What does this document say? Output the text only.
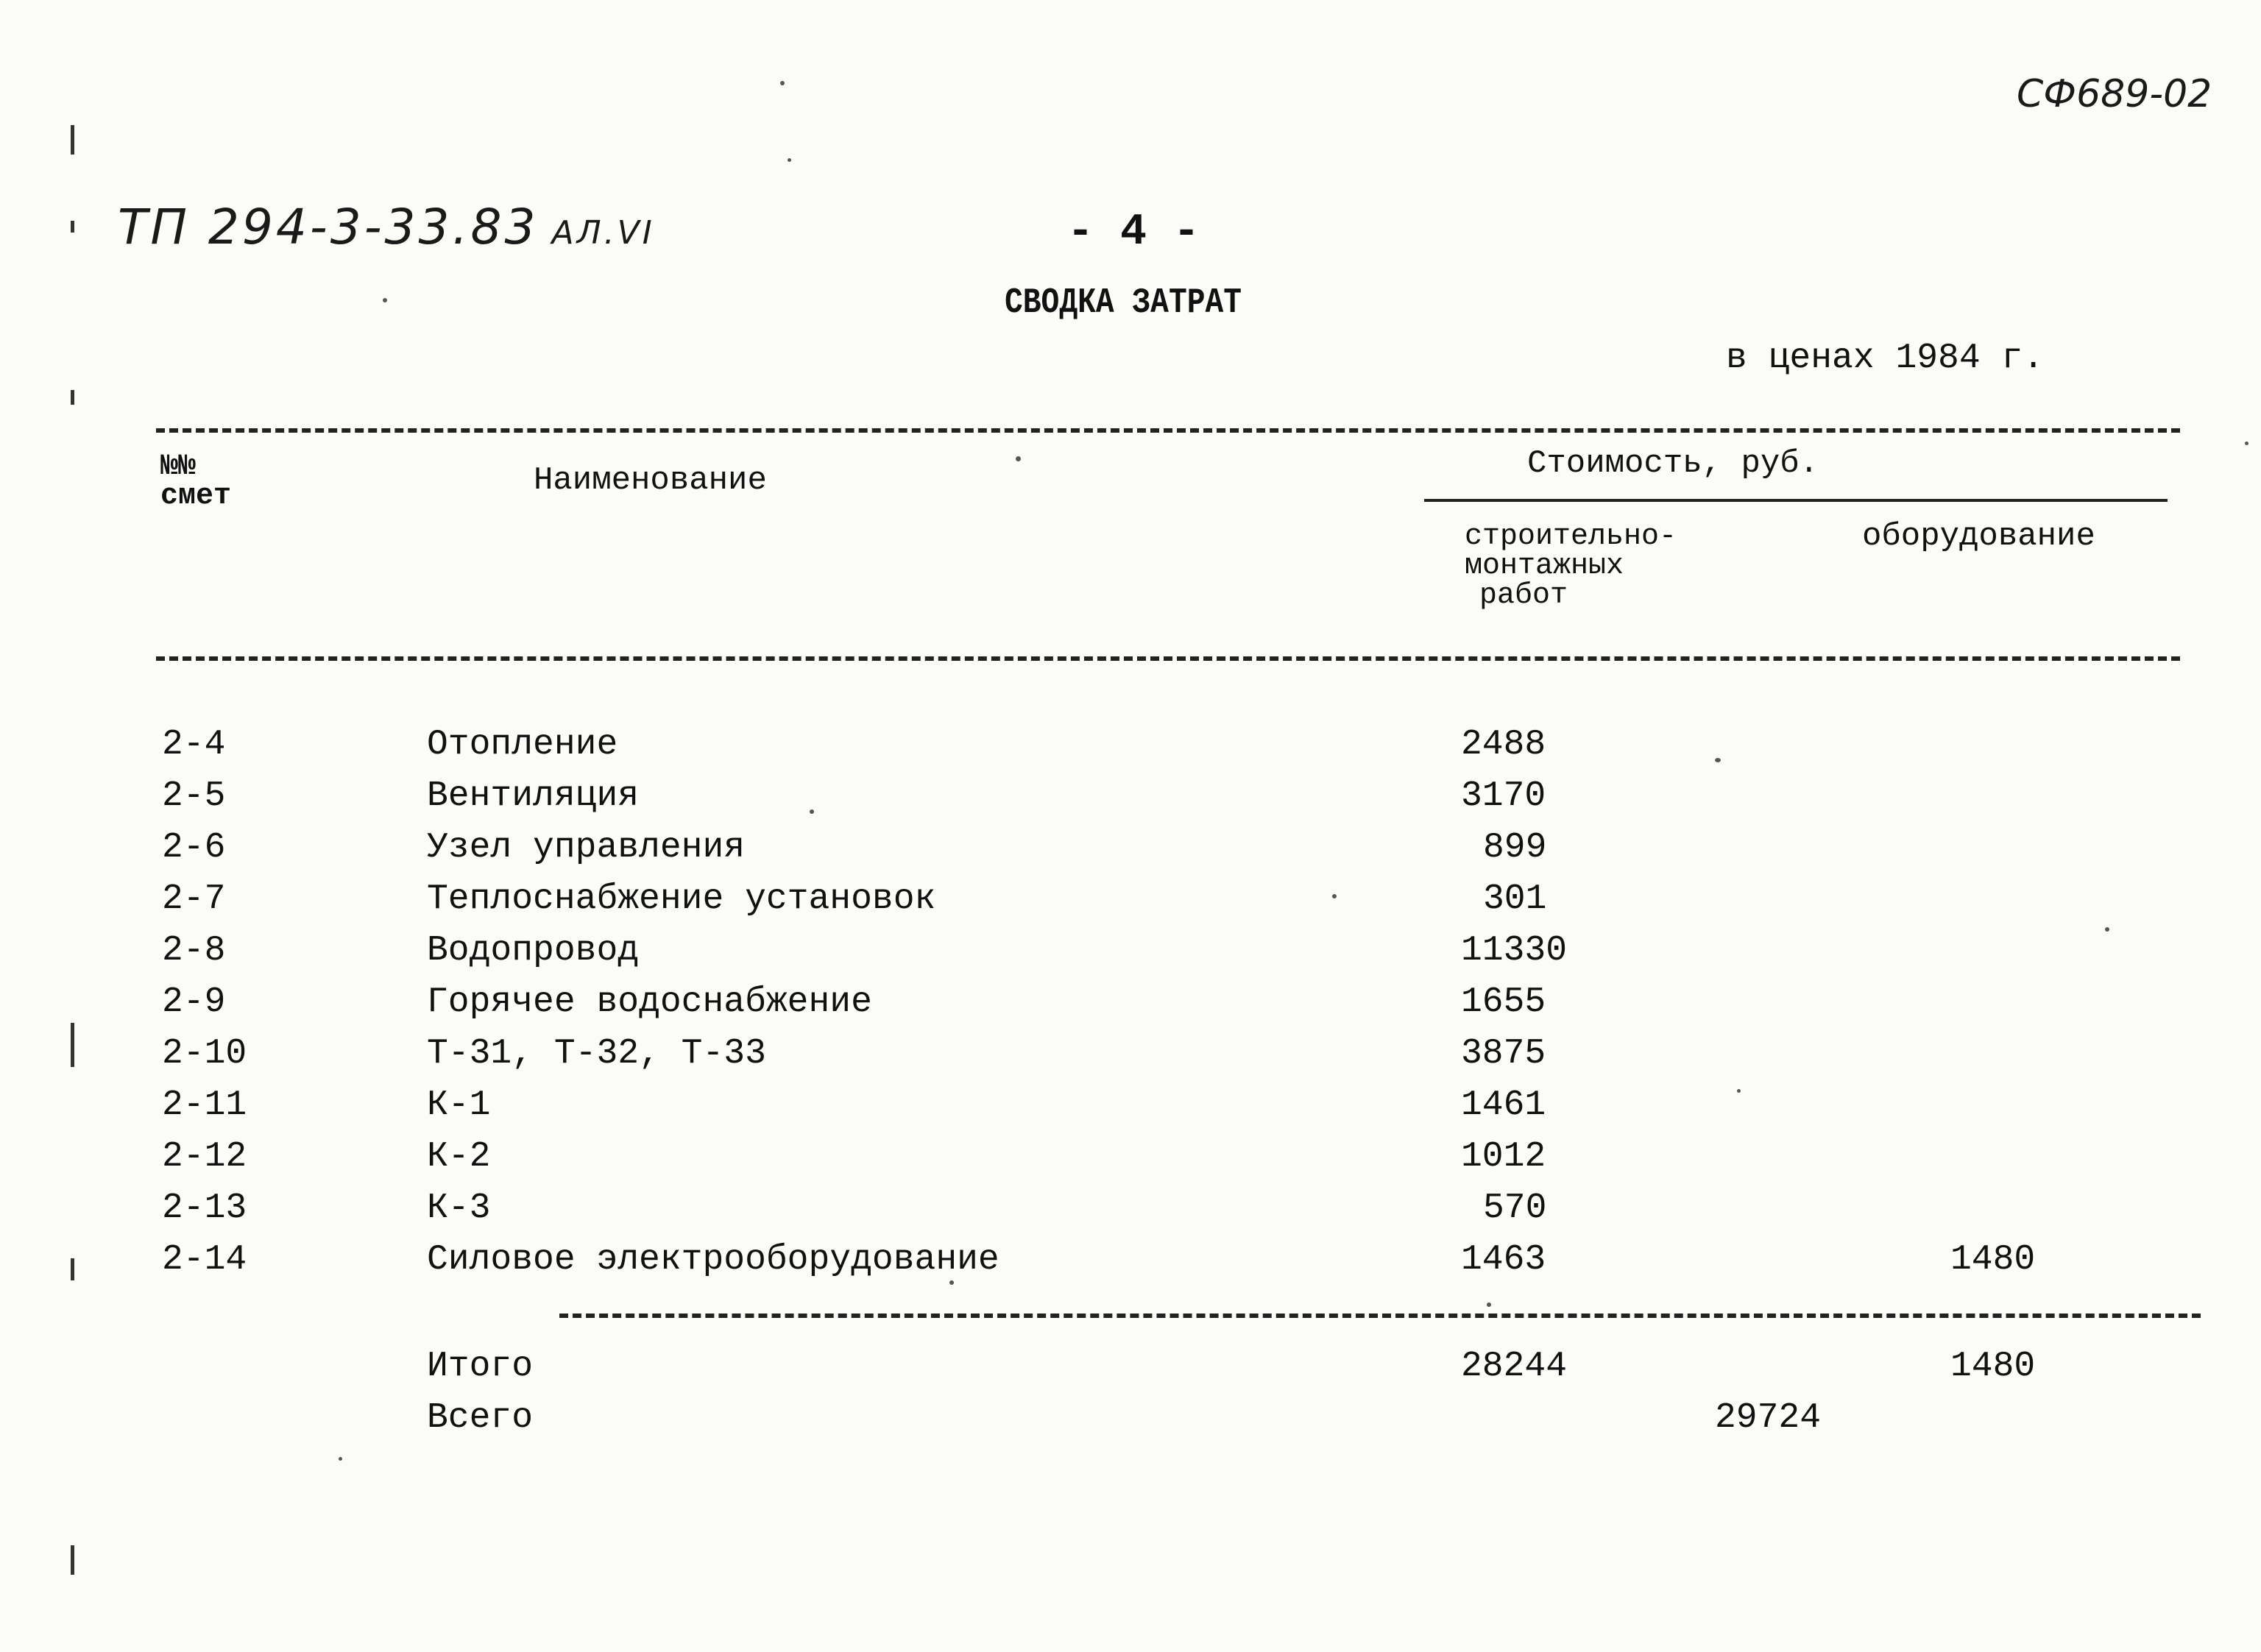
СФ689-02
ТП 294-3-33.83 АЛ.VI	- 4 -
СВОДКА ЗАТРАТ
в ценах 1984 г.
№№
смет	Наименование	Стоимость, руб.
строительно-
монтажных
работ
оборудование
2-4	Отопление	2488
2-5	Вентиляция	3170
2-6	Узел управления	899
2-7	Теплоснабжение установок	301
2-8	Водопровод	11330
2-9	Горячее водоснабжение	1655
2-10	Т-31, Т-32, Т-33	3875
2-11	К-1	1461
2-12	К-2	1012
2-13	К-3	570
2-14	Силовое электрооборудование	1463	1480
Итого	28244	1480
Всего	29724
